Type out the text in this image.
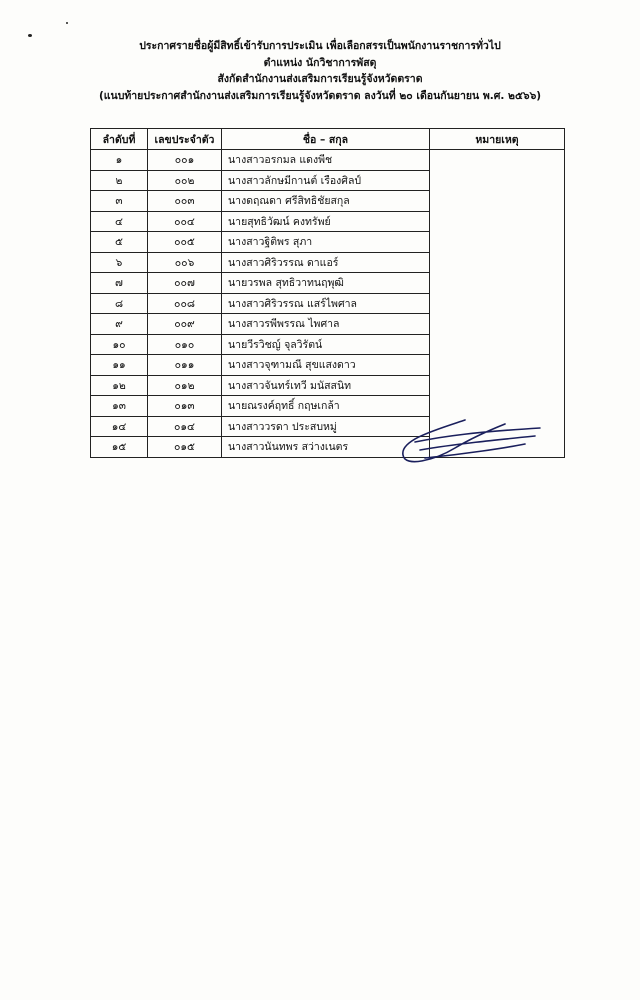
ประกาศรายชื่อผู้มีสิทธิ์เข้ารับการประเมิน เพื่อเลือกสรรเป็นพนักงานราชการทั่วไป
ตำแหน่ง นักวิชาการพัสดุ
สังกัดสำนักงานส่งเสริมการเรียนรู้จังหวัดตราด
(แนบท้ายประกาศสำนักงานส่งเสริมการเรียนรู้จังหวัดตราด ลงวันที่ ๒๐ เดือนกันยายน พ.ศ. ๒๕๖๖)
ลำดับที่	เลขประจำตัว	ชื่อ – สกุล	หมายเหตุ
๑	๐๐๑	นางสาวอรกมล แดงพีช	
๒	๐๐๒	นางสาวลักษมีกานต์ เรืองศิลป์	
๓	๐๐๓	นางดฤณดา ศรีสิทธิชัยสกุล	
๔	๐๐๔	นายสุทธิวัฒน์ คงทรัพย์	
๕	๐๐๕	นางสาวฐิติพร สุภา	
๖	๐๐๖	นางสาวศิริวรรณ ดาแอร์	
๗	๐๐๗	นายวรพล สุทธิวาทนฤพุฒิ	
๘	๐๐๘	นางสาวศิริวรรณ แสร์ไพศาล	
๙	๐๐๙	นางสาวรพีพรรณ ไพศาล	
๑๐	๐๑๐	นายวีรวิชญ์ จุลวิรัตน์	
๑๑	๐๑๑	นางสาวจุฑามณี สุขแสงดาว	
๑๒	๐๑๒	นางสาวจันทร์เทวี มนัสสนิท	
๑๓	๐๑๓	นายณรงค์ฤทธิ์ กฤษเกล้า	
๑๔	๐๑๔	นางสาววรดา ประสบหมู่	
๑๕	๐๑๕	นางสาวนันทพร สว่างเนตร	
